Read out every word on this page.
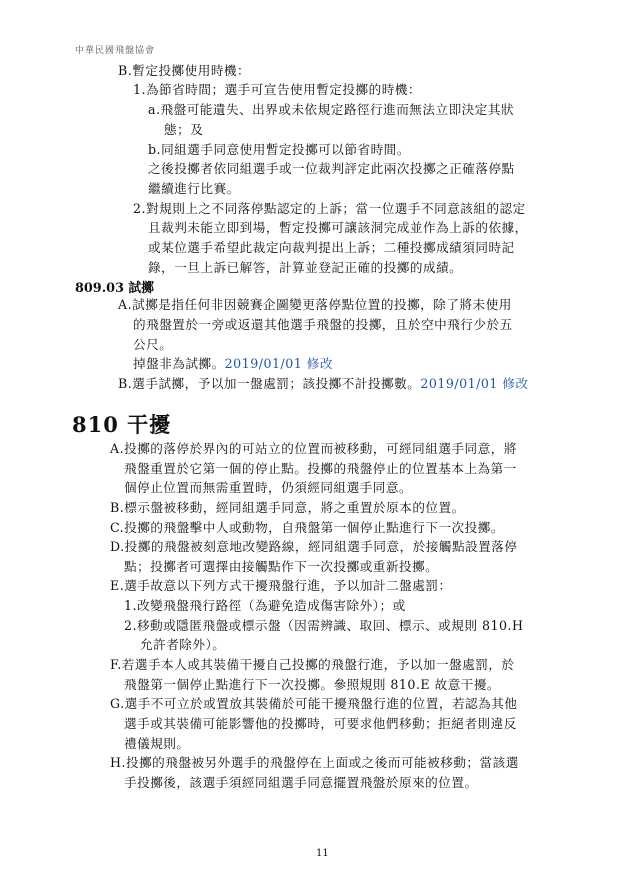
中華民國飛盤協會
B.暫定投擲使用時機：
1.為節省時間；選手可宣告使用暫定投擲的時機：
a.飛盤可能遺失、出界或未依規定路徑行進而無法立即決定其狀
態；及
b.同組選手同意使用暫定投擲可以節省時間。
之後投擲者依同組選手或一位裁判評定此兩次投擲之正確落停點
繼續進行比賽。
2.對規則上之不同落停點認定的上訴；當一位選手不同意該組的認定
且裁判未能立即到場，暫定投擲可讓該洞完成並作為上訴的依據，
或某位選手希望此裁定向裁判提出上訴；二種投擲成績須同時記
錄，一旦上訴已解答，計算並登記正確的投擲的成績。
809.03 試擲
A.試擲是指任何非因競賽企圖變更落停點位置的投擲，除了將未使用
的飛盤置於一旁或返還其他選手飛盤的投擲，且於空中飛行少於五
公尺。
掉盤非為試擲。2019/01/01 修改
B.選手試擲，予以加一盤處罰；該投擲不計投擲數。2019/01/01 修改
810 干擾
A.投擲的落停於界內的可站立的位置而被移動，可經同組選手同意，將
飛盤重置於它第一個的停止點。投擲的飛盤停止的位置基本上為第一
個停止位置而無需重置時，仍須經同組選手同意。
B.標示盤被移動，經同組選手同意，將之重置於原本的位置。
C.投擲的飛盤擊中人或動物，自飛盤第一個停止點進行下一次投擲。
D.投擲的飛盤被刻意地改變路線，經同組選手同意，於接觸點設置落停
點；投擲者可選擇由接觸點作下一次投擲或重新投擲。
E.選手故意以下列方式干擾飛盤行進，予以加計二盤處罰：
1.改變飛盤飛行路徑（為避免造成傷害除外）；或
2.移動或隱匿飛盤或標示盤（因需辨識、取回、標示、或規則 810.H
允許者除外）。
F.若選手本人或其裝備干擾自己投擲的飛盤行進，予以加一盤處罰，於
飛盤第一個停止點進行下一次投擲。參照規則 810.E 故意干擾。
G.選手不可立於或置放其裝備於可能干擾飛盤行進的位置，若認為其他
選手或其裝備可能影響他的投擲時，可要求他們移動；拒絕者則違反
禮儀規則。
H.投擲的飛盤被另外選手的飛盤停在上面或之後而可能被移動；當該選
手投擲後，該選手須經同組選手同意擺置飛盤於原來的位置。
11
